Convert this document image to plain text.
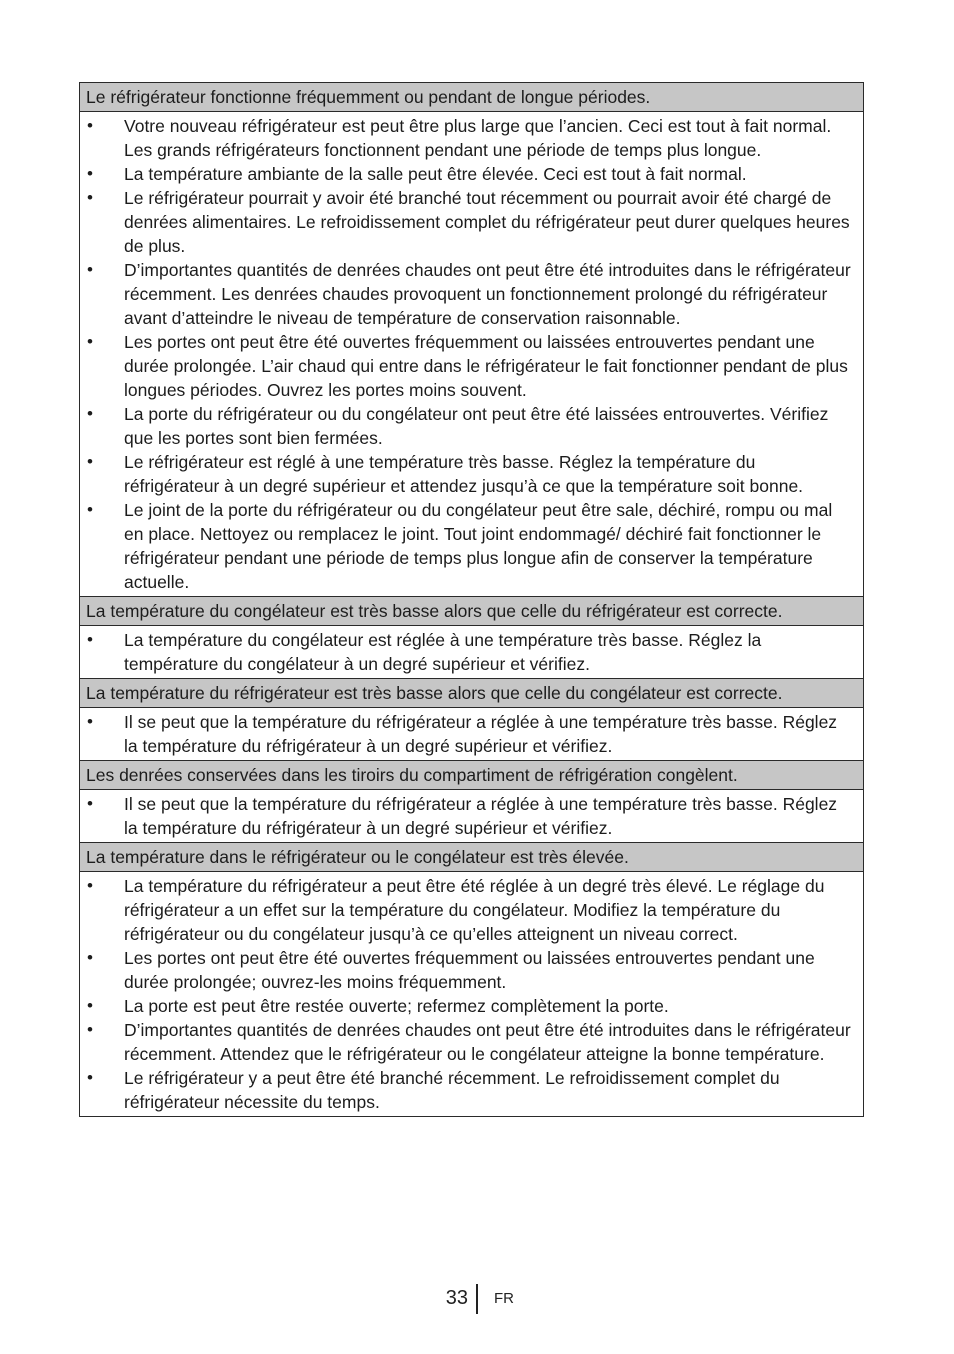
Le réfrigérateur fonctionne fréquemment ou pendant de longue périodes.
• Votre nouveau réfrigérateur est peut être plus large que l’ancien. Ceci est tout à fait normal. Les grands réfrigérateurs fonctionnent pendant une période de temps plus longue.
• La température ambiante de la salle peut être élevée. Ceci est tout à fait normal.
• Le réfrigérateur pourrait y avoir été branché tout récemment ou pourrait avoir été chargé de denrées alimentaires. Le refroidissement complet du réfrigérateur peut durer quelques heures de plus.
• D’importantes quantités de denrées chaudes ont peut être été introduites dans le réfrigérateur récemment. Les denrées chaudes provoquent un fonctionnement prolongé du réfrigérateur avant d’atteindre le niveau de température de conservation raisonnable.
• Les portes ont peut être été ouvertes fréquemment ou laissées entrouvertes pendant une durée prolongée. L’air chaud qui entre dans le réfrigérateur le fait fonctionner pendant de plus longues périodes. Ouvrez les portes moins souvent.
• La porte du réfrigérateur ou du congélateur ont peut être été laissées entrouvertes. Vérifiez que les portes sont bien fermées.
• Le réfrigérateur est réglé à une température très basse. Réglez la température du réfrigérateur à un degré supérieur et attendez jusqu’à ce que la température soit bonne.
• Le joint de la porte du réfrigérateur ou du congélateur peut être sale, déchiré, rompu ou mal en place. Nettoyez ou remplacez le joint. Tout joint endommagé/ déchiré fait fonctionner le réfrigérateur pendant une période de temps plus longue afin de conserver la température actuelle.
La température du congélateur est très basse alors que celle du réfrigérateur est correcte.
• La température du congélateur est réglée à une température très basse. Réglez la température du congélateur à un degré supérieur et vérifiez.
La température du réfrigérateur est très basse alors que celle du congélateur est correcte.
• Il se peut que la température du réfrigérateur a réglée à une température très basse. Réglez la température du réfrigérateur à un degré supérieur et vérifiez.
Les denrées conservées dans les tiroirs du compartiment de réfrigération congèlent.
• Il se peut que la température du réfrigérateur a réglée à une température très basse. Réglez la température du réfrigérateur à un degré supérieur et vérifiez.
La température dans le réfrigérateur ou le congélateur est très élevée.
• La température du réfrigérateur a peut être été réglée à un degré très élevé. Le réglage du réfrigérateur a un effet sur la température du congélateur. Modifiez la température du réfrigérateur ou du congélateur jusqu’à ce qu’elles atteignent un niveau correct.
• Les portes ont peut être été ouvertes fréquemment ou laissées entrouvertes pendant une durée prolongée; ouvrez-les moins fréquemment.
• La porte est peut être restée ouverte; refermez complètement la porte.
• D’importantes quantités de denrées chaudes ont peut être été introduites dans le réfrigérateur récemment. Attendez que le réfrigérateur ou le congélateur atteigne la bonne température.
• Le réfrigérateur y a peut être été branché récemment. Le refroidissement complet du réfrigérateur nécessite du temps.
33 FR
